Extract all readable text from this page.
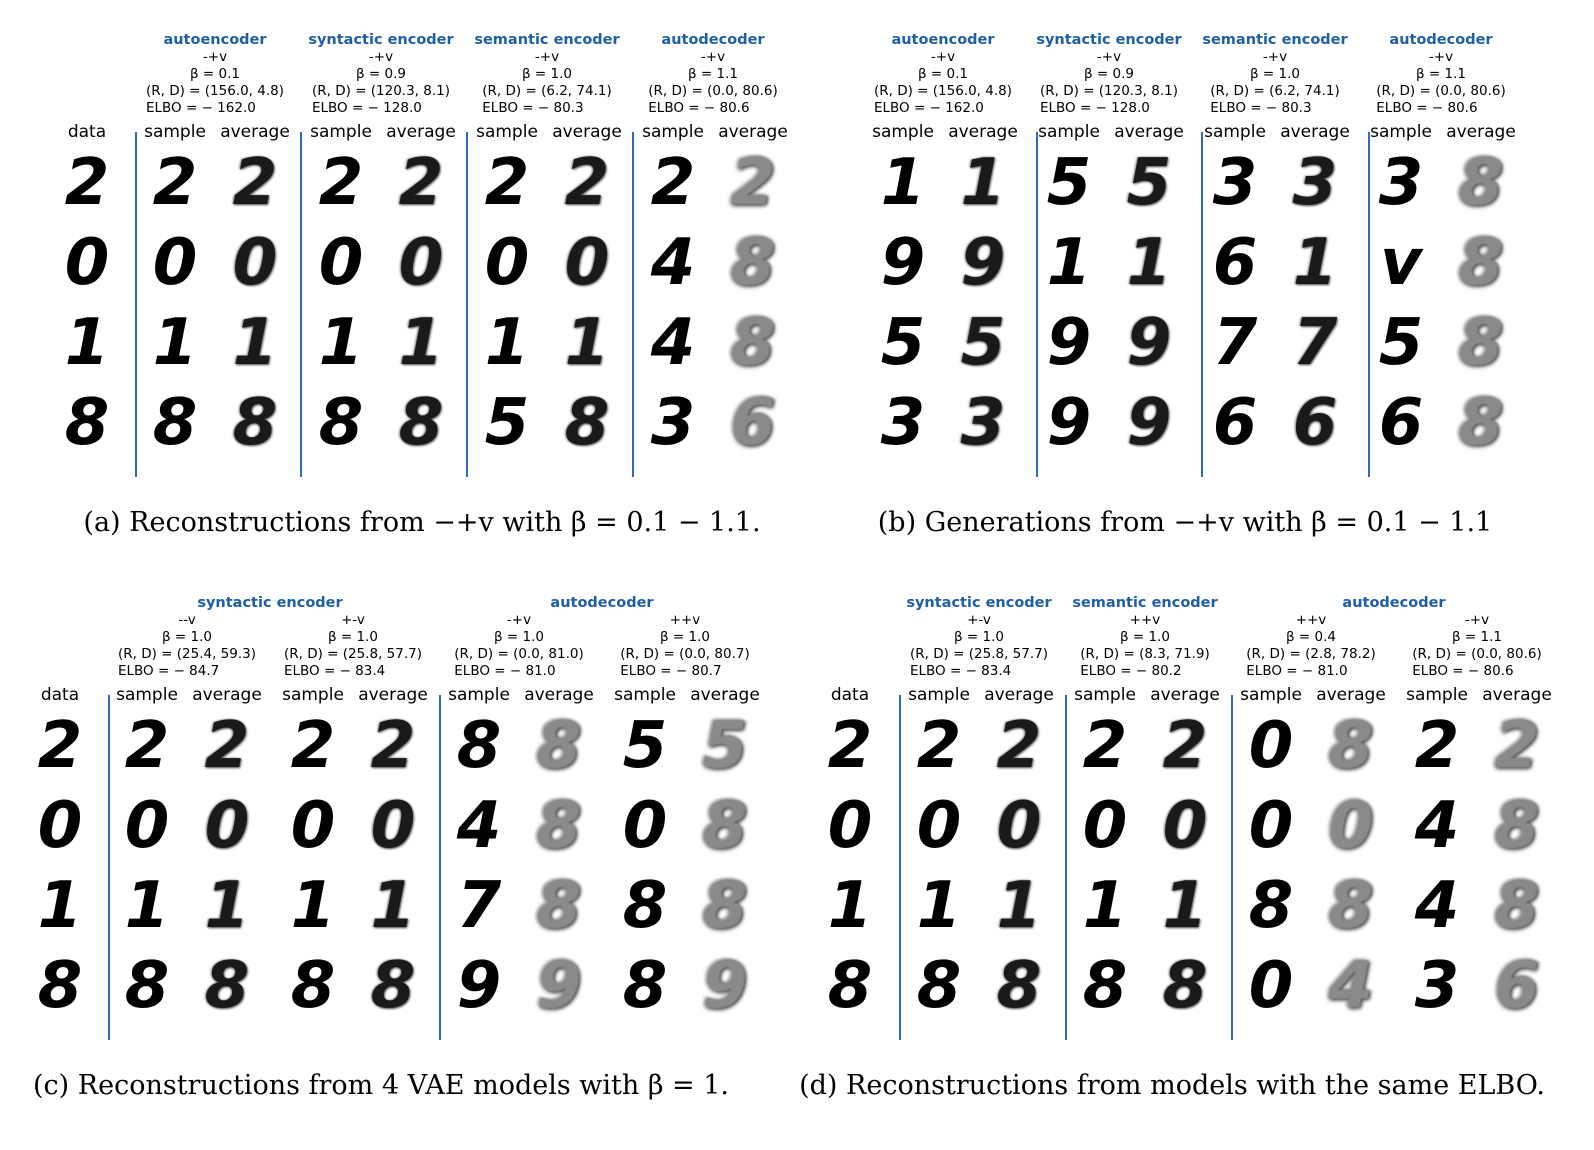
data
2
0
1
8
autoencoder
-+v
β = 0.1
(R, D) = (156.0, 4.8)
ELBO = − 162.0
sample average
2
0
1
8
2
0
1
8
syntactic encoder
-+v
β = 0.9
(R, D) = (120.3, 8.1)
ELBO = − 128.0
sample average
2
0
1
8
2
0
1
8
semantic encoder
-+v
β = 1.0
(R, D) = (6.2, 74.1)
ELBO = − 80.3
sample average
2
0
1
5
2
0
1
8
autodecoder
-+v
β = 1.1
(R, D) = (0.0, 80.6)
ELBO = − 80.6
sample average
2
4
4
3
2
8
8
6
(a) Reconstructions from −+v with β = 0.1 − 1.1.
autoencoder
-+v
β = 0.1
(R, D) = (156.0, 4.8)
ELBO = − 162.0
sample average
1
9
5
3
1
9
5
3
syntactic encoder
-+v
β = 0.9
(R, D) = (120.3, 8.1)
ELBO = − 128.0
sample average
5
1
9
9
5
1
9
9
semantic encoder
-+v
β = 1.0
(R, D) = (6.2, 74.1)
ELBO = − 80.3
sample average
3
6
7
6
3
1
7
6
autodecoder
-+v
β = 1.1
(R, D) = (0.0, 80.6)
ELBO = − 80.6
sample average
3
v
5
6
8
8
8
8
(b) Generations from −+v with β = 0.1 − 1.1
data
2
0
1
8
--v
β = 1.0
(R, D) = (25.4, 59.3)
ELBO = − 84.7
sample average
2
0
1
8
2
0
1
8
+-v
β = 1.0
(R, D) = (25.8, 57.7)
ELBO = − 83.4
sample average
2
0
1
8
2
0
1
8
-+v
β = 1.0
(R, D) = (0.0, 81.0)
ELBO = − 81.0
sample average
8
4
7
9
8
8
8
9
++v
β = 1.0
(R, D) = (0.0, 80.7)
ELBO = − 80.7
sample average
5
0
8
8
5
8
8
9
syntactic encoder	autodecoder
(c) Reconstructions from 4 VAE models with β = 1.
data
2
0
1
8
syntactic encoder
+-v
β = 1.0
(R, D) = (25.8, 57.7)
ELBO = − 83.4
sample average
2
0
1
8
2
0
1
8
semantic encoder
++v
β = 1.0
(R, D) = (8.3, 71.9)
ELBO = − 80.2
sample average
2
0
1
8
2
0
1
8
++v
β = 0.4
(R, D) = (2.8, 78.2)
ELBO = − 81.0
sample average
0
0
8
0
8
0
8
4
-+v
β = 1.1
(R, D) = (0.0, 80.6)
ELBO = − 80.6
sample average
2
4
4
3
2
8
8
6
autodecoder
(d) Reconstructions from models with the same ELBO.
